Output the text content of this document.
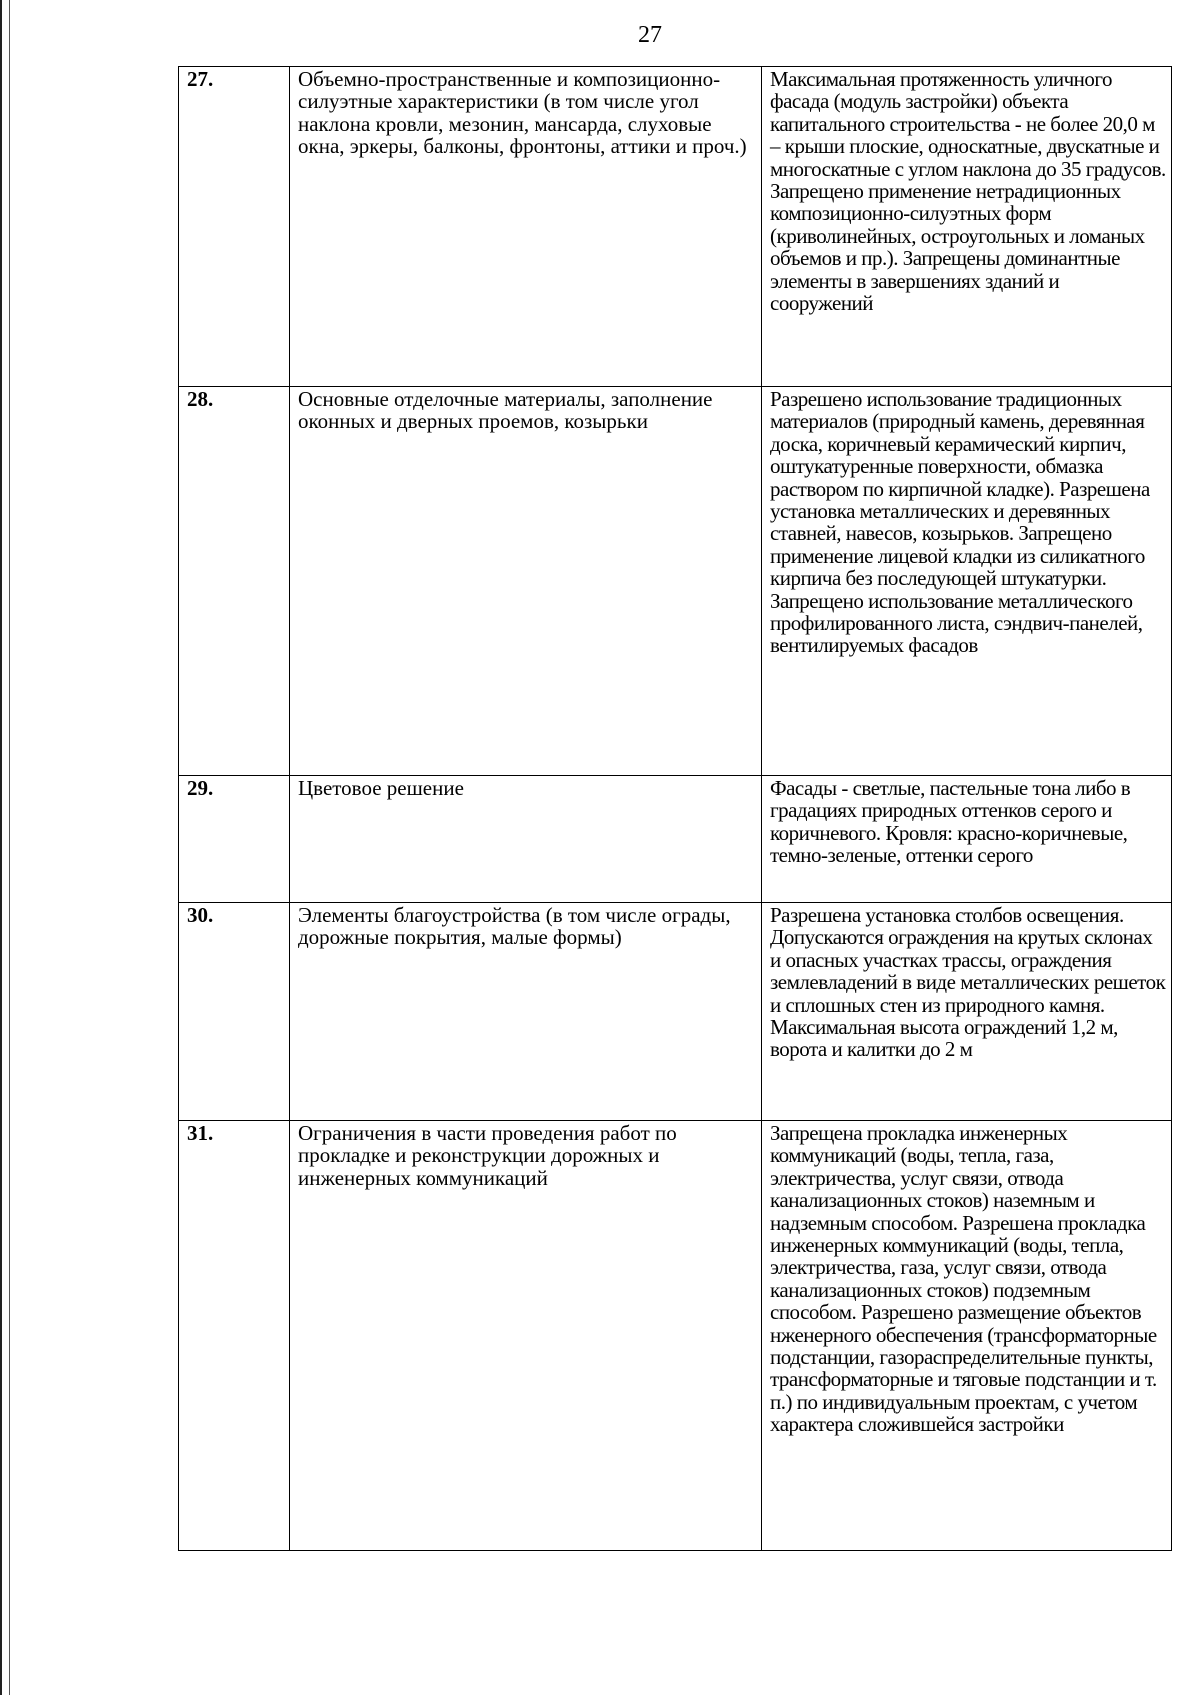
27
27.	Объемно-пространственные и композиционно-силуэтные характеристики (в том числе угол наклона кровли, мезонин, мансарда, слуховые окна, эркеры, балконы, фронтоны, аттики и проч.)	Максимальная протяженность уличного фасада (модуль застройки) объекта капитального строительства - не более 20,0 м – крыши плоские, односкатные, двускатные и многоскатные с углом наклона до 35 градусов. Запрещено применение нетрадиционных композиционно-силуэтных форм (криволинейных, остроугольных и ломаных объемов и пр.). Запрещены доминантные элементы в завершениях зданий и сооружений
28.	Основные отделочные материалы, заполнение оконных и дверных проемов, козырьки	Разрешено использование традиционных материалов (природный камень, деревянная доска, коричневый керамический кирпич, оштукатуренные поверхности, обмазка раствором по кирпичной кладке). Разрешена установка металлических и деревянных ставней, навесов, козырьков. Запрещено применение лицевой кладки из силикатного кирпича без последующей штукатурки. Запрещено использование металлического профилированного листа, сэндвич-панелей, вентилируемых фасадов
29.	Цветовое решение	Фасады - светлые, пастельные тона либо в градациях природных оттенков серого и коричневого. Кровля: красно-коричневые, темно-зеленые, оттенки серого
30.	Элементы благоустройства (в том числе ограды, дорожные покрытия, малые формы)	Разрешена установка столбов освещения. Допускаются ограждения на крутых склонах и опасных участках трассы, ограждения землевладений в виде металлических решеток и сплошных стен из природного камня. Максимальная высота ограждений 1,2 м, ворота и калитки до 2 м
31.	Ограничения в части проведения работ по прокладке и реконструкции дорожных и инженерных коммуникаций	Запрещена прокладка инженерных коммуникаций (воды, тепла, газа, электричества, услуг связи, отвода канализационных стоков) наземным и надземным способом. Разрешена прокладка инженерных коммуникаций (воды, тепла, электричества, газа, услуг связи, отвода канализационных стоков) подземным способом. Разрешено размещение объектов нженерного обеспечения (трансформаторные подстанции, газораспределительные пункты, трансформаторные и тяговые подстанции и т. п.) по индивидуальным проектам, с учетом характера сложившейся застройки
